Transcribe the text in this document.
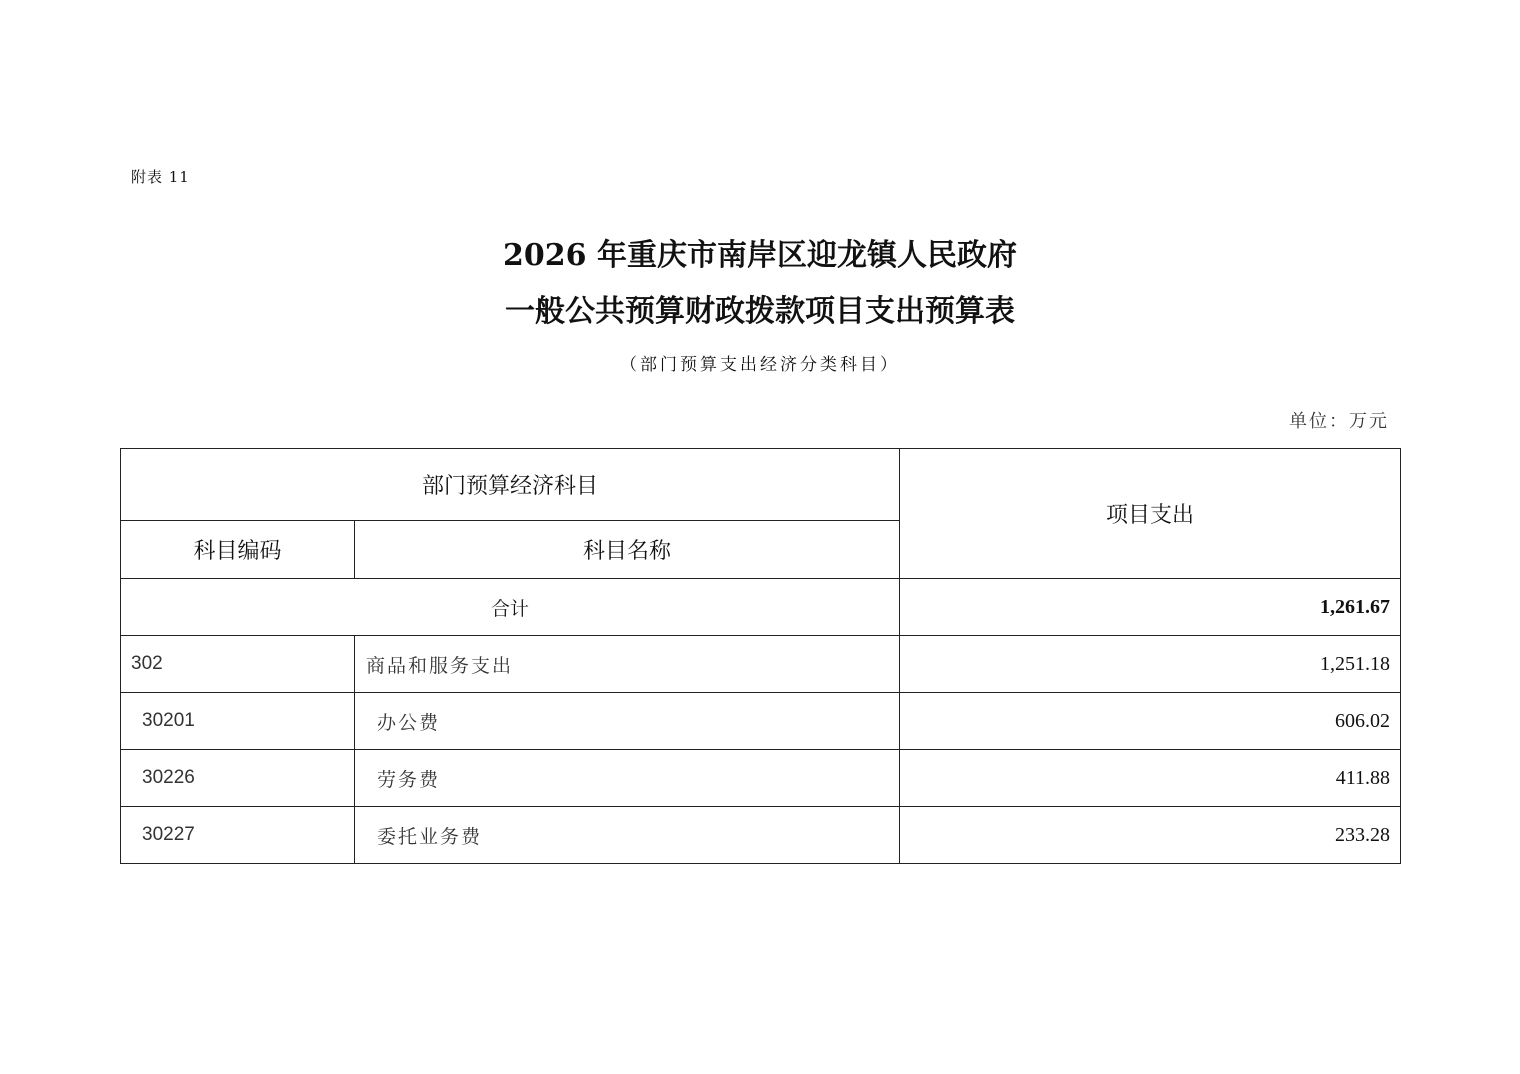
附表 11
2026 年重庆市南岸区迎龙镇人民政府
一般公共预算财政拨款项目支出预算表
（部门预算支出经济分类科目）
单位：万元
部门预算经济科目		项目支出
科目编码	科目名称	
合计		1,261.67
302	商品和服务支出	1,251.18
30201	办公费	606.02
30226	劳务费	411.88
30227	委托业务费	233.28
